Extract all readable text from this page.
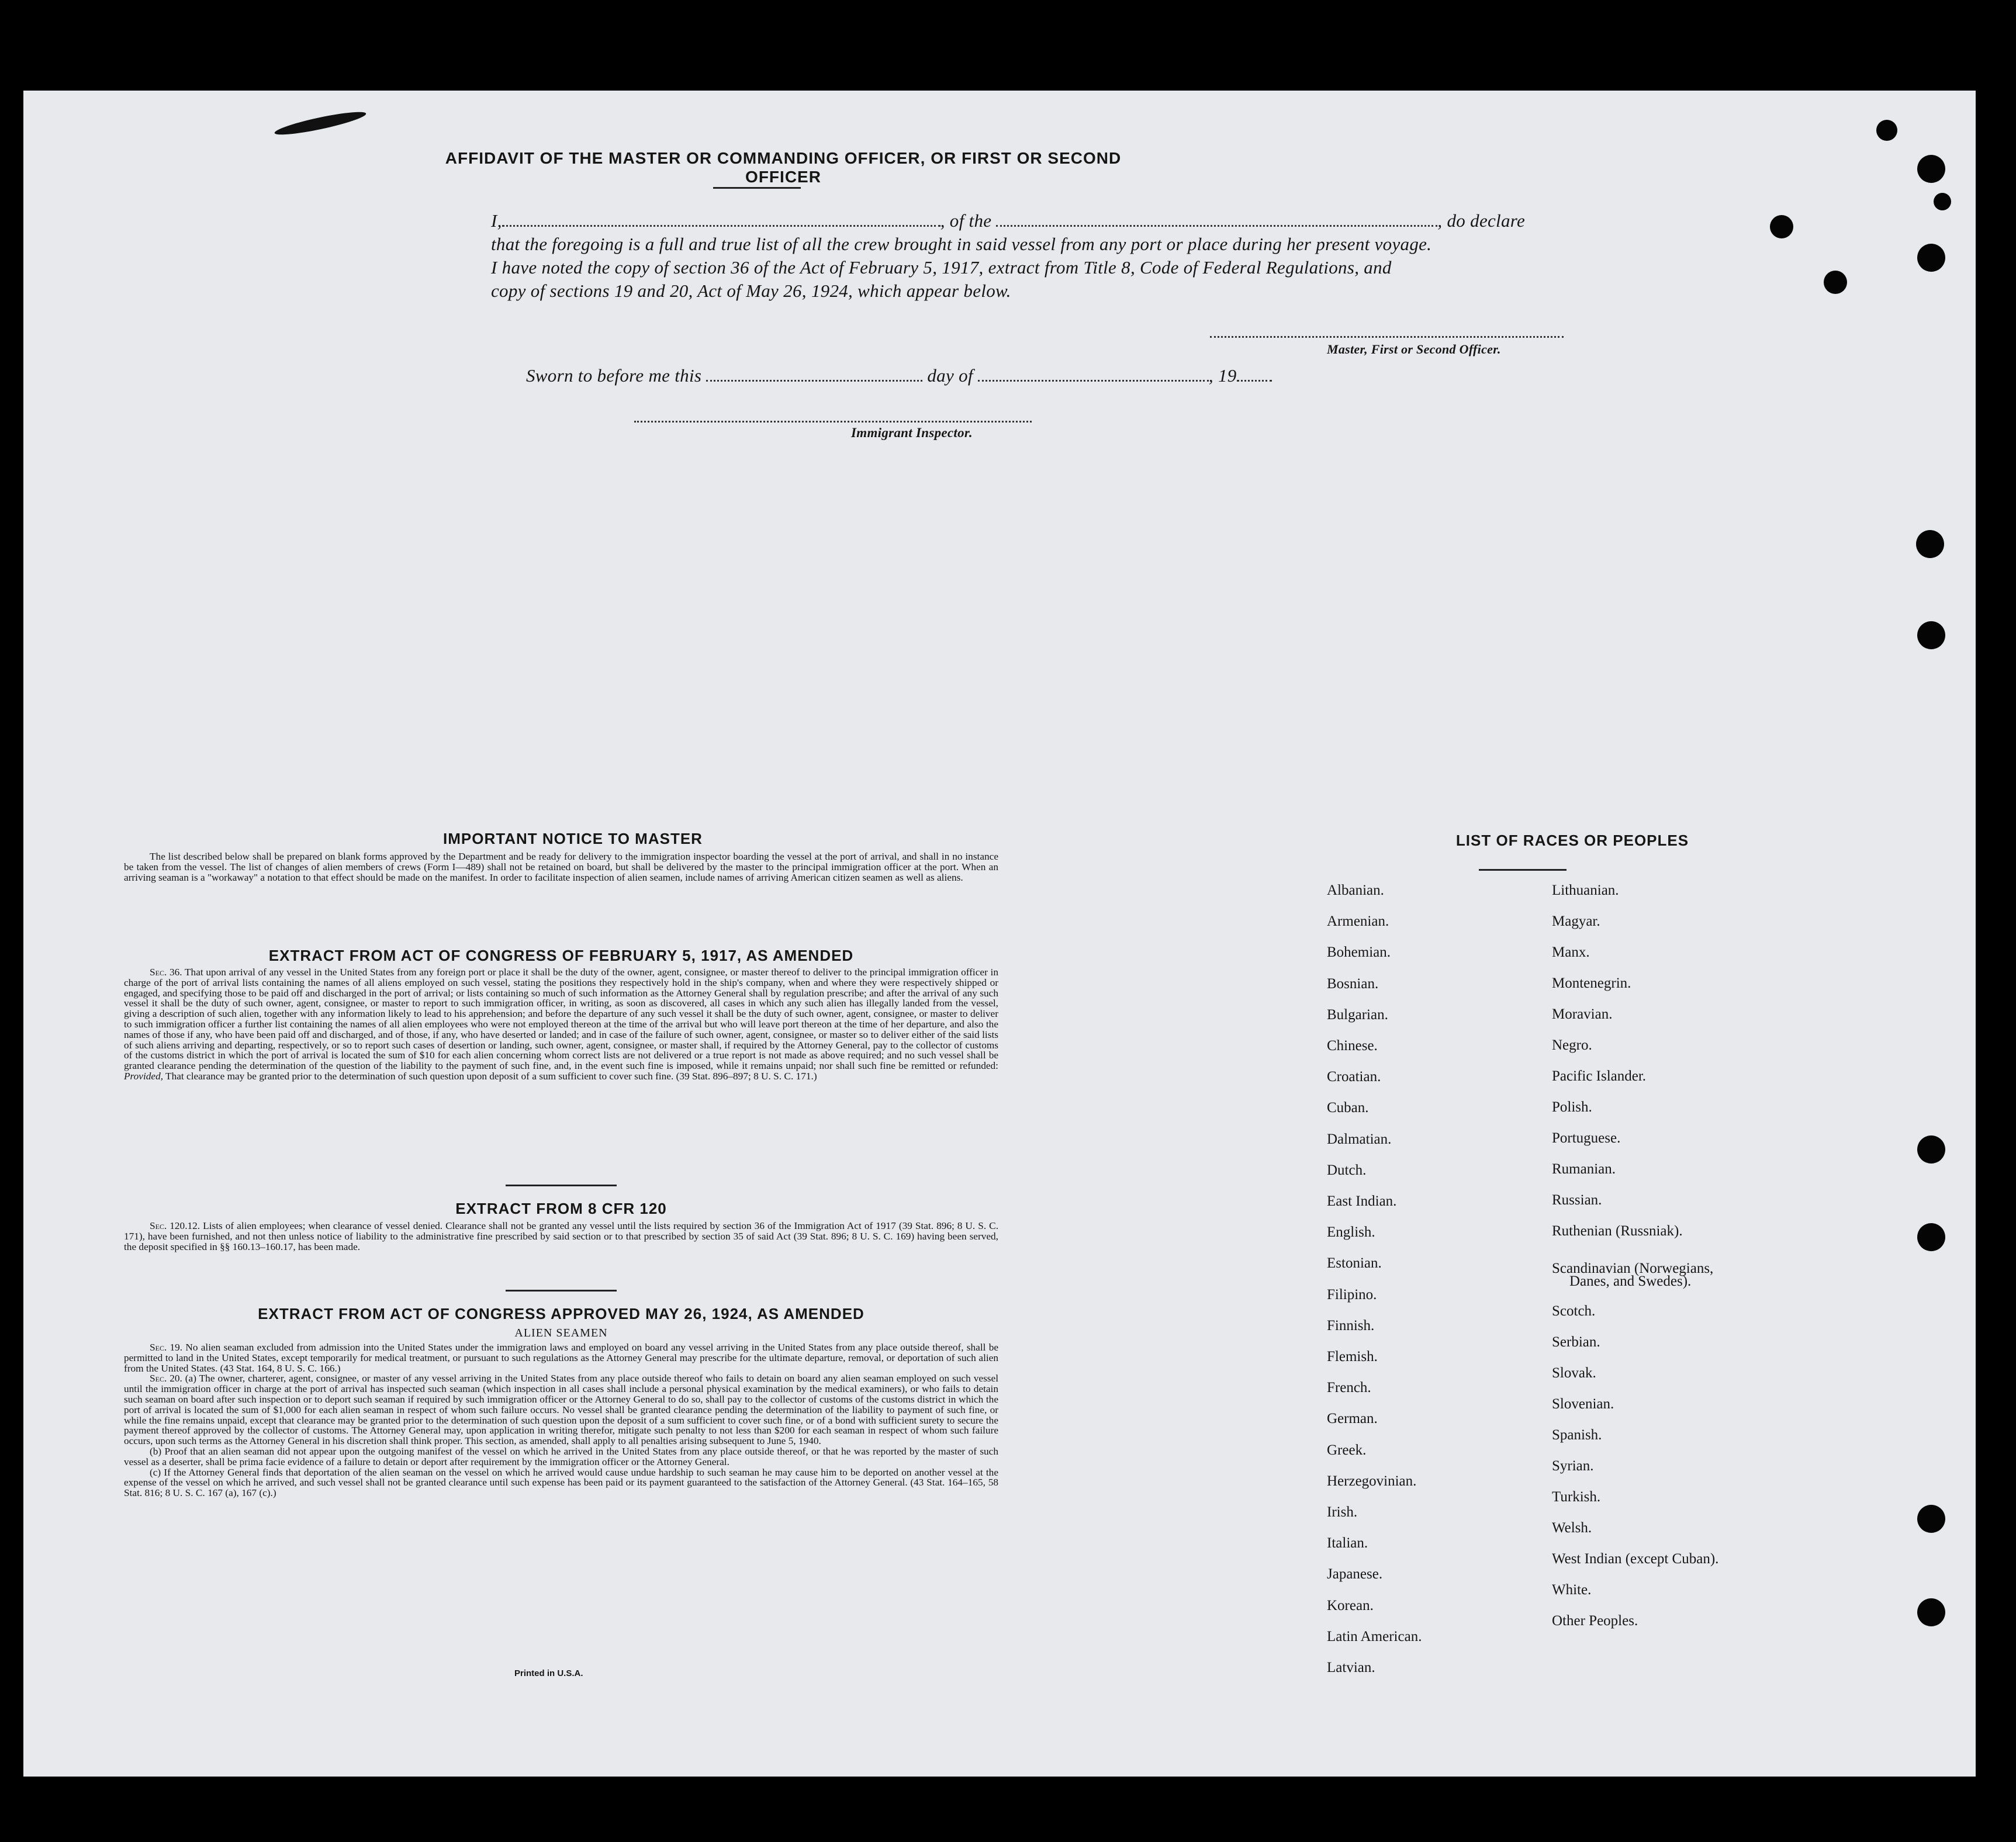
AFFIDAVIT OF THE MASTER OR COMMANDING OFFICER, OR FIRST OR SECOND OFFICER
I,	, of the	, do declare
that the foregoing is a full and true list of all the crew brought in said vessel from any port or place during her present voyage.
I have noted the copy of section 36 of the Act of February 5, 1917, extract from Title 8, Code of Federal Regulations, and
copy of sections 19 and 20, Act of May 26, 1924, which appear below.
Master, First or Second Officer.
Sworn to before me this	day of	, 19
Immigrant Inspector.
IMPORTANT NOTICE TO MASTER

The list described below shall be prepared on blank forms approved by the Department and be ready for delivery to the immigration inspector boarding the vessel at the port of arrival, and shall in no instance be taken from the vessel. The list of changes of alien members of crews (Form I—489) shall not be retained on board, but shall be delivered by the master to the principal immigration officer at the port. When an arriving seaman is a "workaway" a notation to that effect should be made on the manifest. In order to facilitate inspection of alien seamen, include names of arriving American citizen seamen as well as aliens.

EXTRACT FROM ACT OF CONGRESS OF FEBRUARY 5, 1917, AS AMENDED

Sec. 36. That upon arrival of any vessel in the United States from any foreign port or place it shall be the duty of the owner, agent, consignee, or master thereof to deliver to the principal immigration officer in charge of the port of arrival lists containing the names of all aliens employed on such vessel, stating the positions they respectively hold in the ship's company, when and where they were respectively shipped or engaged, and specifying those to be paid off and discharged in the port of arrival; or lists containing so much of such information as the Attorney General shall by regulation prescribe; and after the arrival of any such vessel it shall be the duty of such owner, agent, consignee, or master to report to such immigration officer, in writing, as soon as discovered, all cases in which any such alien has illegally landed from the vessel, giving a description of such alien, together with any information likely to lead to his apprehension; and before the departure of any such vessel it shall be the duty of such owner, agent, consignee, or master to deliver to such immigration officer a further list containing the names of all alien employees who were not employed thereon at the time of the arrival but who will leave port thereon at the time of her departure, and also the names of those if any, who have been paid off and discharged, and of those, if any, who have deserted or landed; and in case of the failure of such owner, agent, consignee, or master so to deliver either of the said lists of such aliens arriving and departing, respectively, or so to report such cases of desertion or landing, such owner, agent, consignee, or master shall, if required by the Attorney General, pay to the collector of customs of the customs district in which the port of arrival is located the sum of $10 for each alien concerning whom correct lists are not delivered or a true report is not made as above required; and no such vessel shall be granted clearance pending the determination of the question of the liability to the payment of such fine, and, in the event such fine is imposed, while it remains unpaid; nor shall such fine be remitted or refunded: Provided, That clearance may be granted prior to the determination of such question upon deposit of a sum sufficient to cover such fine. (39 Stat. 896–897; 8 U. S. C. 171.)

EXTRACT FROM 8 CFR 120

Sec. 120.12. Lists of alien employees; when clearance of vessel denied. Clearance shall not be granted any vessel until the lists required by section 36 of the Immigration Act of 1917 (39 Stat. 896; 8 U. S. C. 171), have been furnished, and not then unless notice of liability to the administrative fine prescribed by said section or to that prescribed by section 35 of said Act (39 Stat. 896; 8 U. S. C. 169) having been served, the deposit specified in §§ 160.13–160.17, has been made.

EXTRACT FROM ACT OF CONGRESS APPROVED MAY 26, 1924, AS AMENDED
ALIEN SEAMEN

Sec. 19. No alien seaman excluded from admission into the United States under the immigration laws and employed on board any vessel arriving in the United States from any place outside thereof, shall be permitted to land in the United States, except temporarily for medical treatment, or pursuant to such regulations as the Attorney General may prescribe for the ultimate departure, removal, or deportation of such alien from the United States. (43 Stat. 164, 8 U. S. C. 166.)

Sec. 20. (a) The owner, charterer, agent, consignee, or master of any vessel arriving in the United States from any place outside thereof who fails to detain on board any alien seaman employed on such vessel until the immigration officer in charge at the port of arrival has inspected such seaman (which inspection in all cases shall include a personal physical examination by the medical examiners), or who fails to detain such seaman on board after such inspection or to deport such seaman if required by such immigration officer or the Attorney General to do so, shall pay to the collector of customs of the customs district in which the port of arrival is located the sum of $1,000 for each alien seaman in respect of whom such failure occurs. No vessel shall be granted clearance pending the determination of the liability to payment of such fine, or while the fine remains unpaid, except that clearance may be granted prior to the determination of such question upon the deposit of a sum sufficient to cover such fine, or of a bond with sufficient surety to secure the payment thereof approved by the collector of customs. The Attorney General may, upon application in writing therefor, mitigate such penalty to not less than $200 for each seaman in respect of whom such failure occurs, upon such terms as the Attorney General in his discretion shall think proper. This section, as amended, shall apply to all penalties arising subsequent to June 5, 1940.

(b) Proof that an alien seaman did not appear upon the outgoing manifest of the vessel on which he arrived in the United States from any place outside thereof, or that he was reported by the master of such vessel as a deserter, shall be prima facie evidence of a failure to detain or deport after requirement by the immigration officer or the Attorney General.

(c) If the Attorney General finds that deportation of the alien seaman on the vessel on which he arrived would cause undue hardship to such seaman he may cause him to be deported on another vessel at the expense of the vessel on which he arrived, and such vessel shall not be granted clearance until such expense has been paid or its payment guaranteed to the satisfaction of the Attorney General. (43 Stat. 164–165, 58 Stat. 816; 8 U. S. C. 167 (a), 167 (c).)

Printed in U.S.A.
LIST OF RACES OR PEOPLES
Albanian.
Armenian.
Bohemian.
Bosnian.
Bulgarian.
Chinese.
Croatian.
Cuban.
Dalmatian.
Dutch.
East Indian.
English.
Estonian.
Filipino.
Finnish.
Flemish.
French.
German.
Greek.
Herzegovinian.
Irish.
Italian.
Japanese.
Korean.
Latin American.
Latvian.
Lithuanian.
Magyar.
Manx.
Montenegrin.
Moravian.
Negro.
Pacific Islander.
Polish.
Portuguese.
Rumanian.
Russian.
Ruthenian (Russniak).
Scandinavian (Norwegians,
Danes, and Swedes).
Scotch.
Serbian.
Slovak.
Slovenian.
Spanish.
Syrian.
Turkish.
Welsh.
West Indian (except Cuban).
White.
Other Peoples.
